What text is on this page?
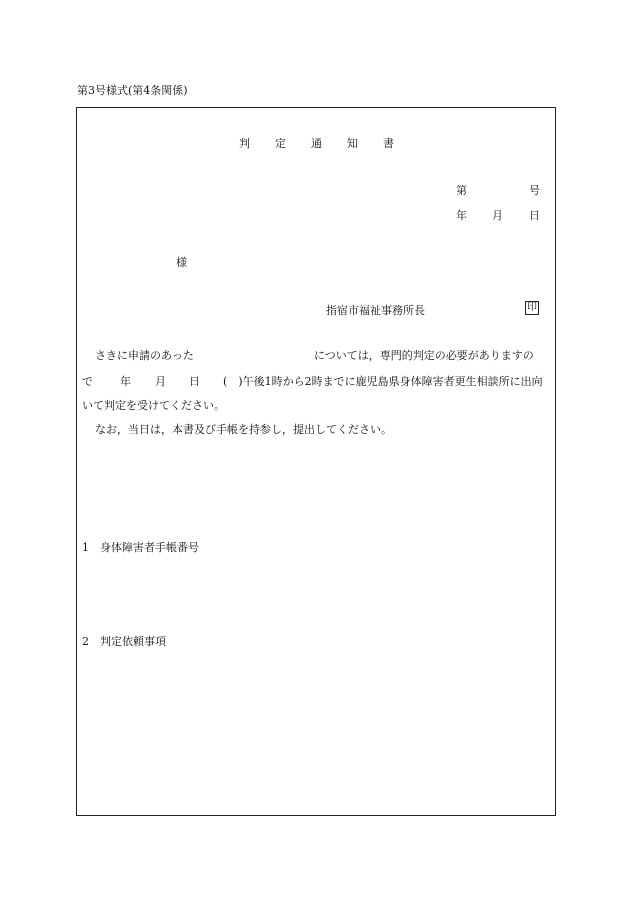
第3号様式(第4条関係)
判 定 通 知 書
第	号
年 月 日
様
指宿市福祉事務所長	印
さきに申請のあった	については，専門的判定の必要がありますの
で 年 月 日 (　)午後1時から2時までに鹿児島県身体障害者更生相談所に出向
いて判定を受けてください。
なお，当日は，本書及び手帳を持参し，提出してください。
1　身体障害者手帳番号
2　判定依頼事項
